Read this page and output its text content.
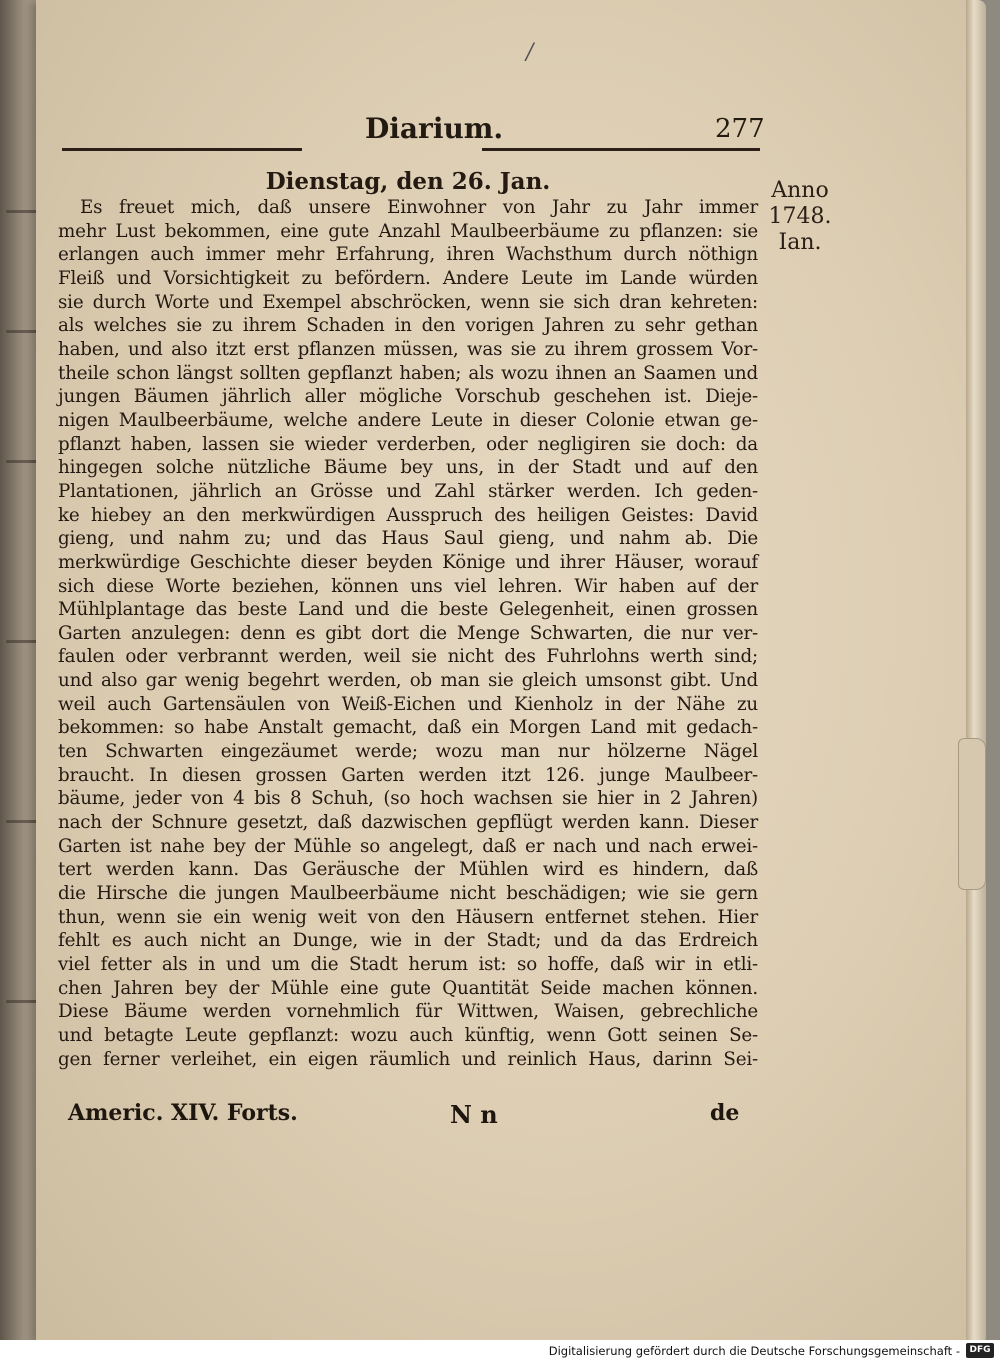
/
Diarium.	277
Anno
1748.
Ian.
Dienstag, den 26. Jan.
Es freuet mich, daß unsere Einwohner von Jahr zu Jahr immer
mehr Lust bekommen, eine gute Anzahl Maulbeerbäume zu pflanzen: sie
erlangen auch immer mehr Erfahrung, ihren Wachsthum durch nöthign
Fleiß und Vorsichtigkeit zu befördern. Andere Leute im Lande würden
sie durch Worte und Exempel abschröcken, wenn sie sich dran kehreten:
als welches sie zu ihrem Schaden in den vorigen Jahren zu sehr gethan
haben, und also itzt erst pflanzen müssen, was sie zu ihrem grossem Vor-
theile schon längst sollten gepflanzt haben; als wozu ihnen an Saamen und
jungen Bäumen jährlich aller mögliche Vorschub geschehen ist. Dieje-
nigen Maulbeerbäume, welche andere Leute in dieser Colonie etwan ge-
pflanzt haben, lassen sie wieder verderben, oder negligiren sie doch: da
hingegen solche nützliche Bäume bey uns, in der Stadt und auf den
Plantationen, jährlich an Grösse und Zahl stärker werden. Ich geden-
ke hiebey an den merkwürdigen Ausspruch des heiligen Geistes: David
gieng, und nahm zu; und das Haus Saul gieng, und nahm ab. Die
merkwürdige Geschichte dieser beyden Könige und ihrer Häuser, worauf
sich diese Worte beziehen, können uns viel lehren. Wir haben auf der
Mühlplantage das beste Land und die beste Gelegenheit, einen grossen
Garten anzulegen: denn es gibt dort die Menge Schwarten, die nur ver-
faulen oder verbrannt werden, weil sie nicht des Fuhrlohns werth sind;
und also gar wenig begehrt werden, ob man sie gleich umsonst gibt. Und
weil auch Gartensäulen von Weiß-Eichen und Kienholz in der Nähe zu
bekommen: so habe Anstalt gemacht, daß ein Morgen Land mit gedach-
ten Schwarten eingezäumet werde; wozu man nur hölzerne Nägel
braucht. In diesen grossen Garten werden itzt 126. junge Maulbeer-
bäume, jeder von 4 bis 8 Schuh, (so hoch wachsen sie hier in 2 Jahren)
nach der Schnure gesetzt, daß dazwischen gepflügt werden kann. Dieser
Garten ist nahe bey der Mühle so angelegt, daß er nach und nach erwei-
tert werden kann. Das Geräusche der Mühlen wird es hindern, daß
die Hirsche die jungen Maulbeerbäume nicht beschädigen; wie sie gern
thun, wenn sie ein wenig weit von den Häusern entfernet stehen. Hier
fehlt es auch nicht an Dunge, wie in der Stadt; und da das Erdreich
viel fetter als in und um die Stadt herum ist: so hoffe, daß wir in etli-
chen Jahren bey der Mühle eine gute Quantität Seide machen können.
Diese Bäume werden vornehmlich für Wittwen, Waisen, gebrechliche
und betagte Leute gepflanzt: wozu auch künftig, wenn Gott seinen Se-
gen ferner verleihet, ein eigen räumlich und reinlich Haus, darinn Sei-
Americ. XIV. Forts.	N n	de
Digitalisierung gefördert durch die Deutsche Forschungsgemeinschaft -	DFG
